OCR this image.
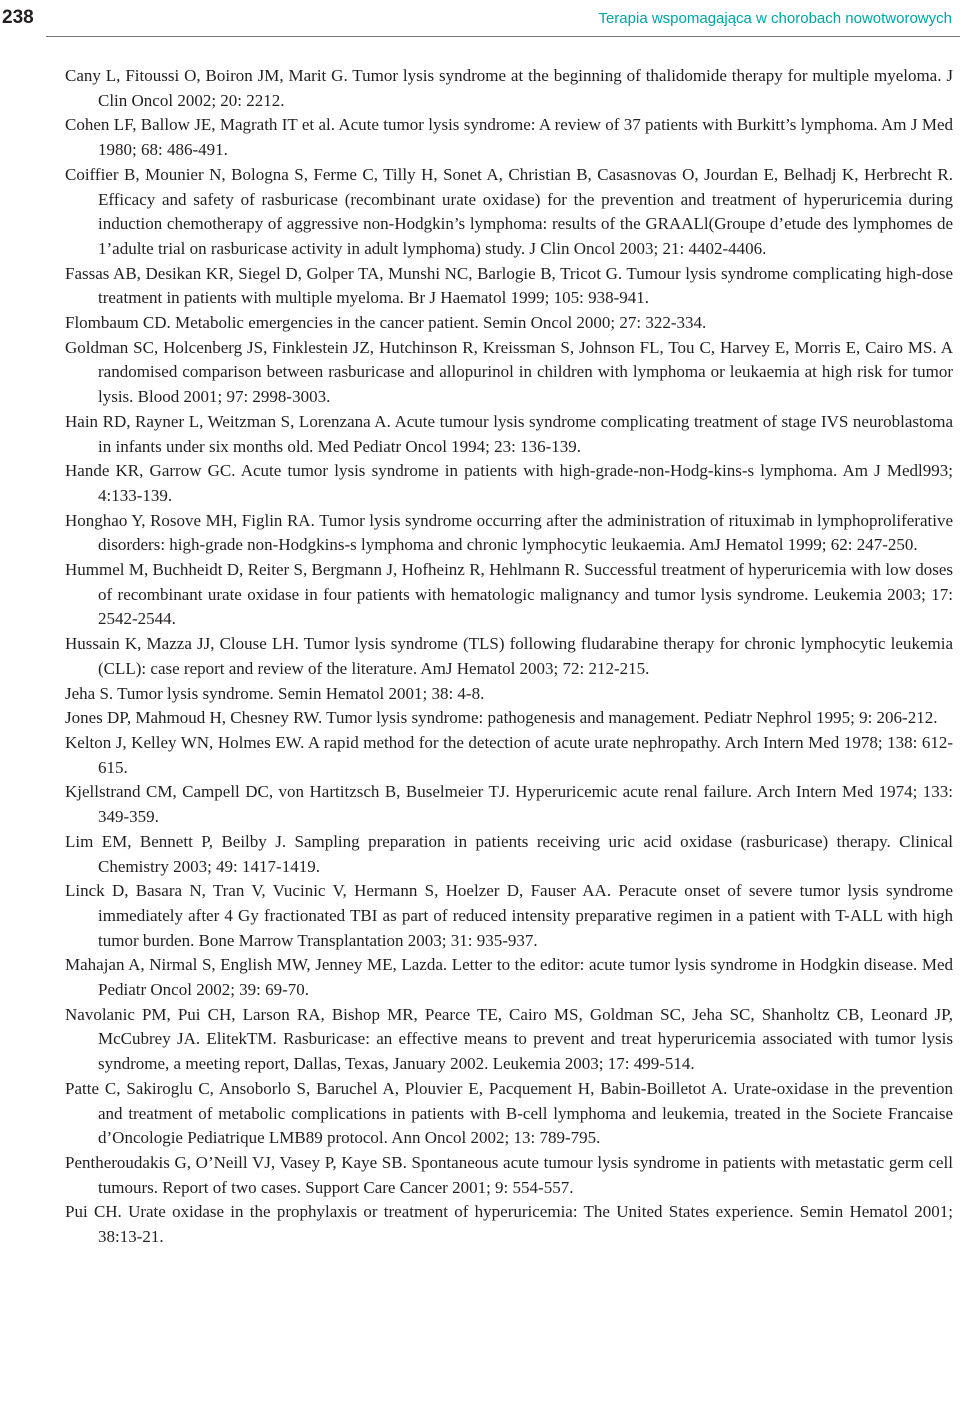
238	Terapia wspomagająca w chorobach nowotworowych
Cany L, Fitoussi O, Boiron JM, Marit G. Tumor lysis syndrome at the beginning of thalidomide therapy for multiple myeloma. J Clin Oncol 2002; 20: 2212.
Cohen LF, Ballow JE, Magrath IT et al. Acute tumor lysis syndrome: A review of 37 patients with Burkitt’s lymphoma. Am J Med 1980; 68: 486-491.
Coiffier B, Mounier N, Bologna S, Ferme C, Tilly H, Sonet A, Christian B, Casasnovas O, Jourdan E, Belhadj K, Herbrecht R. Efficacy and safety of rasburicase (recombinant urate oxidase) for the prevention and treatment of hyperuricemia during induction chemotherapy of aggressive non-Hodgkin’s lymphoma: results of the GRAALl(Groupe d’etude des lymphomes de 1’adulte trial on rasburicase activity in adult lymphoma) study. J Clin Oncol 2003; 21: 4402-4406.
Fassas AB, Desikan KR, Siegel D, Golper TA, Munshi NC, Barlogie B, Tricot G. Tumour lysis syndrome complicating high-dose treatment in patients with multiple myeloma. Br J Haematol 1999; 105: 938-941.
Flombaum CD. Metabolic emergencies in the cancer patient. Semin Oncol 2000; 27: 322-334.
Goldman SC, Holcenberg JS, Finklestein JZ, Hutchinson R, Kreissman S, Johnson FL, Tou C, Harvey E, Morris E, Cairo MS. A randomised comparison between rasburicase and allopurinol in children with lymphoma or leukaemia at high risk for tumor lysis. Blood 2001; 97: 2998-3003.
Hain RD, Rayner L, Weitzman S, Lorenzana A. Acute tumour lysis syndrome complicating treatment of stage IVS neuroblastoma in infants under six months old. Med Pediatr Oncol 1994; 23: 136-139.
Hande KR, Garrow GC. Acute tumor lysis syndrome in patients with high-grade-non-Hodg-kins-s lymphoma. Am J Medl993; 4:133-139.
Honghao Y, Rosove MH, Figlin RA. Tumor lysis syndrome occurring after the administration of rituximab in lymphoproliferative disorders: high-grade non-Hodgkins-s lymphoma and chronic lymphocytic leukaemia. AmJ Hematol 1999; 62: 247-250.
Hummel M, Buchheidt D, Reiter S, Bergmann J, Hofheinz R, Hehlmann R. Successful treatment of hyperuricemia with low doses of recombinant urate oxidase in four patients with hematologic malignancy and tumor lysis syndrome. Leukemia 2003; 17: 2542-2544.
Hussain K, Mazza JJ, Clouse LH. Tumor lysis syndrome (TLS) following fludarabine therapy for chronic lymphocytic leukemia (CLL): case report and review of the literature. AmJ Hematol 2003; 72: 212-215.
Jeha S. Tumor lysis syndrome. Semin Hematol 2001; 38: 4-8.
Jones DP, Mahmoud H, Chesney RW. Tumor lysis syndrome: pathogenesis and management. Pediatr Nephrol 1995; 9: 206-212.
Kelton J, Kelley WN, Holmes EW. A rapid method for the detection of acute urate nephropathy. Arch Intern Med 1978; 138: 612-615.
Kjellstrand CM, Campell DC, von Hartitzsch B, Buselmeier TJ. Hyperuricemic acute renal failure. Arch Intern Med 1974; 133: 349-359.
Lim EM, Bennett P, Beilby J. Sampling preparation in patients receiving uric acid oxidase (rasburicase) therapy. Clinical Chemistry 2003; 49: 1417-1419.
Linck D, Basara N, Tran V, Vucinic V, Hermann S, Hoelzer D, Fauser AA. Peracute onset of severe tumor lysis syndrome immediately after 4 Gy fractionated TBI as part of reduced intensity preparative regimen in a patient with T-ALL with high tumor burden. Bone Marrow Transplantation 2003; 31: 935-937.
Mahajan A, Nirmal S, English MW, Jenney ME, Lazda. Letter to the editor: acute tumor lysis syndrome in Hodgkin disease. Med Pediatr Oncol 2002; 39: 69-70.
Navolanic PM, Pui CH, Larson RA, Bishop MR, Pearce TE, Cairo MS, Goldman SC, Jeha SC, Shanholtz CB, Leonard JP, McCubrey JA. ElitekTM. Rasburicase: an effective means to prevent and treat hyperuricemia associated with tumor lysis syndrome, a meeting report, Dallas, Texas, January 2002. Leukemia 2003; 17: 499-514.
Patte C, Sakiroglu C, Ansoborlo S, Baruchel A, Plouvier E, Pacquement H, Babin-Boilletot A. Urate-oxidase in the prevention and treatment of metabolic complications in patients with B-cell lymphoma and leukemia, treated in the Societe Francaise d’Oncologie Pediatrique LMB89 protocol. Ann Oncol 2002; 13: 789-795.
Pentheroudakis G, O’Neill VJ, Vasey P, Kaye SB. Spontaneous acute tumour lysis syndrome in patients with metastatic germ cell tumours. Report of two cases. Support Care Cancer 2001; 9: 554-557.
Pui CH. Urate oxidase in the prophylaxis or treatment of hyperuricemia: The United States experience. Semin Hematol 2001; 38:13-21.
